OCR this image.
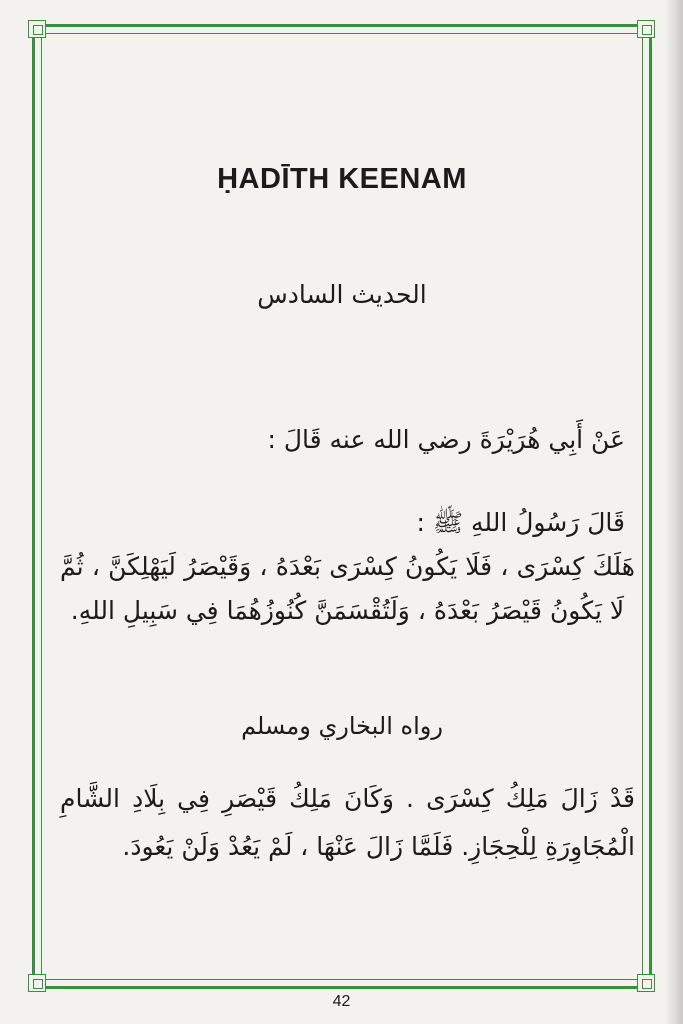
ḤADĪTH KEENAM
الحديث السادس
عَنْ أَبِي هُرَيْرَةَ رضي الله عنه قَالَ :
قَالَ رَسُولُ اللهِ ﷺ :
هَلَكَ كِسْرَى ، فَلَا يَكُونُ كِسْرَى بَعْدَهُ ، وَقَيْصَرُ لَيَهْلِكَنَّ ، ثُمَّ لَا يَكُونُ قَيْصَرُ بَعْدَهُ ، وَلَتُقْسَمَنَّ كُنُوزُهُمَا فِي سَبِيلِ اللهِ.
رواه البخاري ومسلم
قَدْ زَالَ مَلِكُ كِسْرَى . وَكَانَ مَلِكُ قَيْصَرِ فِي بِلَادِ الشَّامِ الْمُجَاوِرَةِ لِلْحِجَازِ. فَلَمَّا زَالَ عَنْهَا ، لَمْ يَعُدْ وَلَنْ يَعُودَ.
42
